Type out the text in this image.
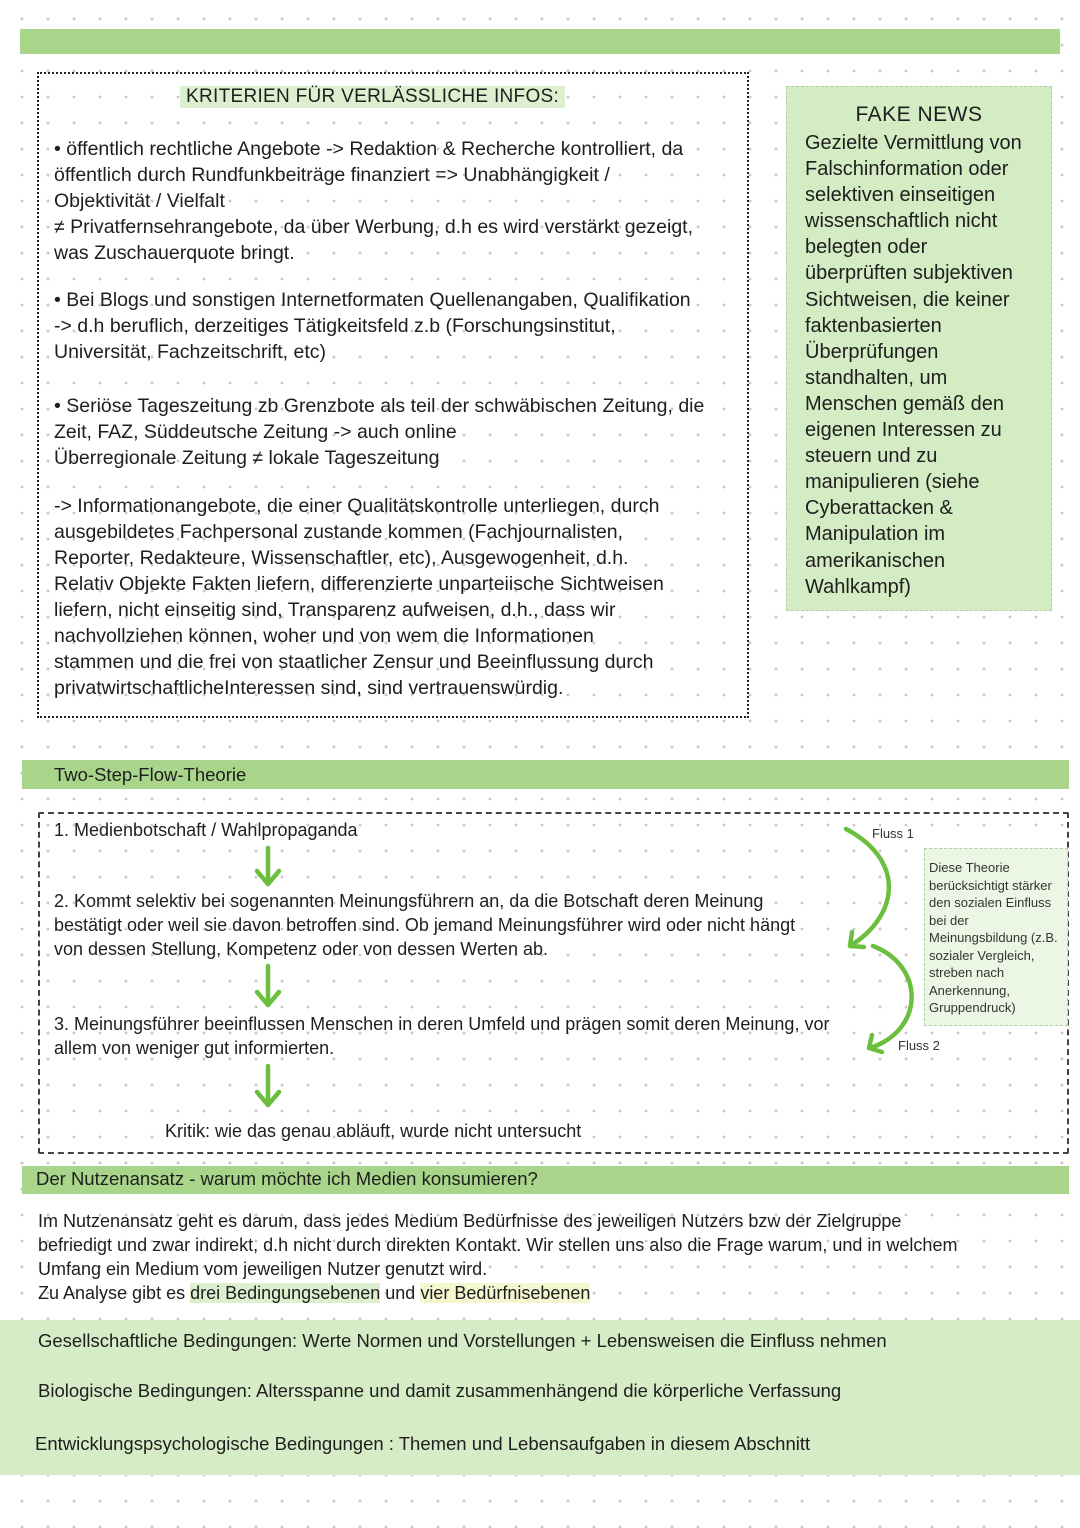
KRITERIEN FÜR VERLÄSSLICHE INFOS:
• öffentlich rechtliche Angebote -> Redaktion & Recherche kontrolliert, da
öffentlich durch Rundfunkbeiträge finanziert => Unabhängigkeit /
Objektivität / Vielfalt
≠ Privatfernsehrangebote, da über Werbung, d.h es wird verstärkt gezeigt,
was Zuschauerquote bringt.
• Bei Blogs und sonstigen Internetformaten Quellenangaben, Qualifikation
-> d.h beruflich, derzeitiges Tätigkeitsfeld z.b (Forschungsinstitut,
Universität, Fachzeitschrift, etc)
• Seriöse Tageszeitung zb Grenzbote als teil der schwäbischen Zeitung, die
Zeit, FAZ, Süddeutsche Zeitung -> auch online
Überregionale Zeitung ≠ lokale Tageszeitung
-> Informationangebote, die einer Qualitätskontrolle unterliegen, durch
ausgebildetes Fachpersonal zustande kommen (Fachjournalisten,
Reporter, Redakteure, Wissenschaftler, etc), Ausgewogenheit, d.h.
Relativ Objekte Fakten liefern, differenzierte unparteiische Sichtweisen
liefern, nicht einseitig sind, Transparenz aufweisen, d.h., dass wir
nachvollziehen können, woher und von wem die Informationen
stammen und die frei von staatlicher Zensur und Beeinflussung durch
privatwirtschaftlicheInteressen sind, sind vertrauenswürdig.
FAKE NEWS
Gezielte Vermittlung von
Falschinformation oder
selektiven einseitigen
wissenschaftlich nicht
belegten oder
überprüften subjektiven
Sichtweisen, die keiner
faktenbasierten
Überprüfungen
standhalten, um
Menschen gemäß den
eigenen Interessen zu
steuern und zu
manipulieren (siehe
Cyberattacken &
Manipulation im
amerikanischen
Wahlkampf)
Two-Step-Flow-Theorie
1. Medienbotschaft / Wahlpropaganda
2. Kommt selektiv bei sogenannten Meinungsführern an, da die Botschaft deren Meinung
bestätigt oder weil sie davon betroffen sind. Ob jemand Meinungsführer wird oder nicht hängt
von dessen Stellung, Kompetenz oder von dessen Werten ab.
3. Meinungsführer beeinflussen Menschen in deren Umfeld und prägen somit deren Meinung, vor
allem von weniger gut informierten.
Kritik: wie das genau abläuft, wurde nicht untersucht
Fluss 1
Fluss 2
Diese Theorie
berücksichtigt stärker
den sozialen Einfluss
bei der
Meinungsbildung (z.B.
sozialer Vergleich,
streben nach
Anerkennung,
Gruppendruck)
Der Nutzenansatz - warum möchte ich Medien konsumieren?
Im Nutzenansatz geht es darum, dass jedes Medium Bedürfnisse des jeweiligen Nutzers bzw der Zielgruppe
befriedigt und zwar indirekt, d.h nicht durch direkten Kontakt. Wir stellen uns also die Frage warum, und in welchem
Umfang ein Medium vom jeweiligen Nutzer genutzt wird.
Zu Analyse gibt es drei Bedingungsebenen und vier Bedürfnisebenen
Gesellschaftliche Bedingungen: Werte Normen und Vorstellungen + Lebensweisen die Einfluss nehmen
Biologische Bedingungen: Altersspanne und damit zusammenhängend die körperliche Verfassung
Entwicklungspsychologische Bedingungen : Themen und Lebensaufgaben in diesem Abschnitt
